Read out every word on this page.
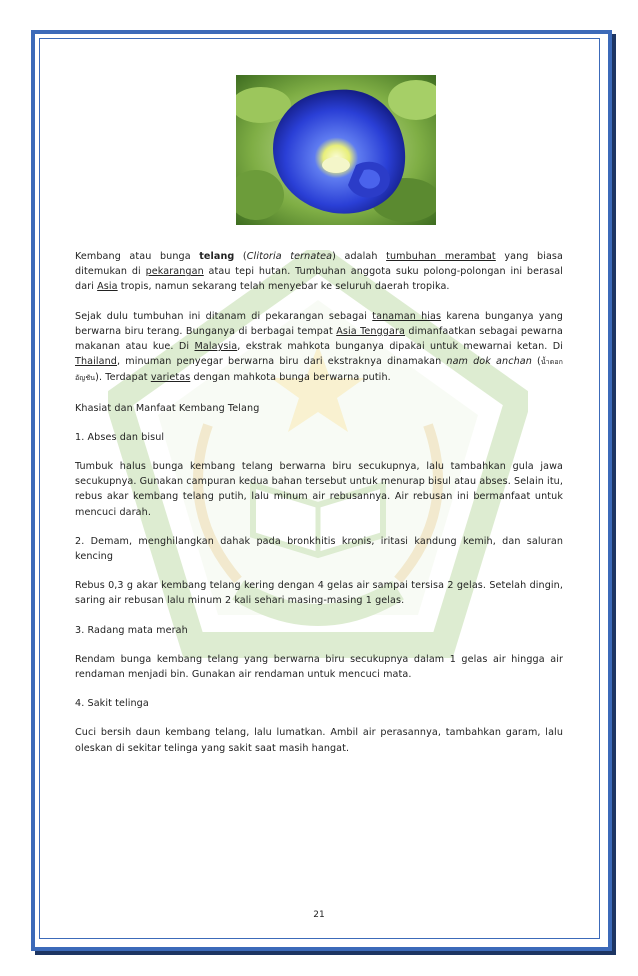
Kembang atau bunga telang (Clitoria ternatea) adalah tumbuhan merambat yang biasa ditemukan di pekarangan atau tepi hutan. Tumbuhan anggota suku polong-polongan ini berasal dari Asia tropis, namun sekarang telah menyebar ke seluruh daerah tropika.

Sejak dulu tumbuhan ini ditanam di pekarangan sebagai tanaman hias karena bunganya yang berwarna biru terang. Bunganya di berbagai tempat Asia Tenggara dimanfaatkan sebagai pewarna makanan atau kue. Di Malaysia, ekstrak mahkota bunganya dipakai untuk mewarnai ketan. Di Thailand, minuman penyegar berwarna biru dari ekstraknya dinamakan nam dok anchan (น้ำดอกอัญชัน). Terdapat varietas dengan mahkota bunga berwarna putih.

Khasiat dan Manfaat Kembang Telang

1. Abses dan bisul

Tumbuk halus bunga kembang telang berwarna biru secukupnya, lalu tambahkan gula jawa secukupnya. Gunakan campuran kedua bahan tersebut untuk menurap bisul atau abses. Selain itu, rebus akar kembang telang putih, lalu minum air rebusannya. Air rebusan ini bermanfaat untuk mencuci darah.

2. Demam, menghilangkan dahak pada bronkhitis kronis, iritasi kandung kemih, dan saluran kencing

Rebus 0,3 g akar kembang telang kering dengan 4 gelas air sampai tersisa 2 gelas. Setelah dingin, saring air rebusan lalu minum 2 kali sehari masing-masing 1 gelas.

3. Radang mata merah

Rendam bunga kembang telang yang berwarna biru secukupnya dalam 1 gelas air hingga air rendaman menjadi bin. Gunakan air rendaman untuk mencuci mata.

4. Sakit telinga

Cuci bersih daun kembang telang, lalu lumatkan. Ambil air perasannya, tambahkan garam, lalu oleskan di sekitar telinga yang sakit saat masih hangat.

21
